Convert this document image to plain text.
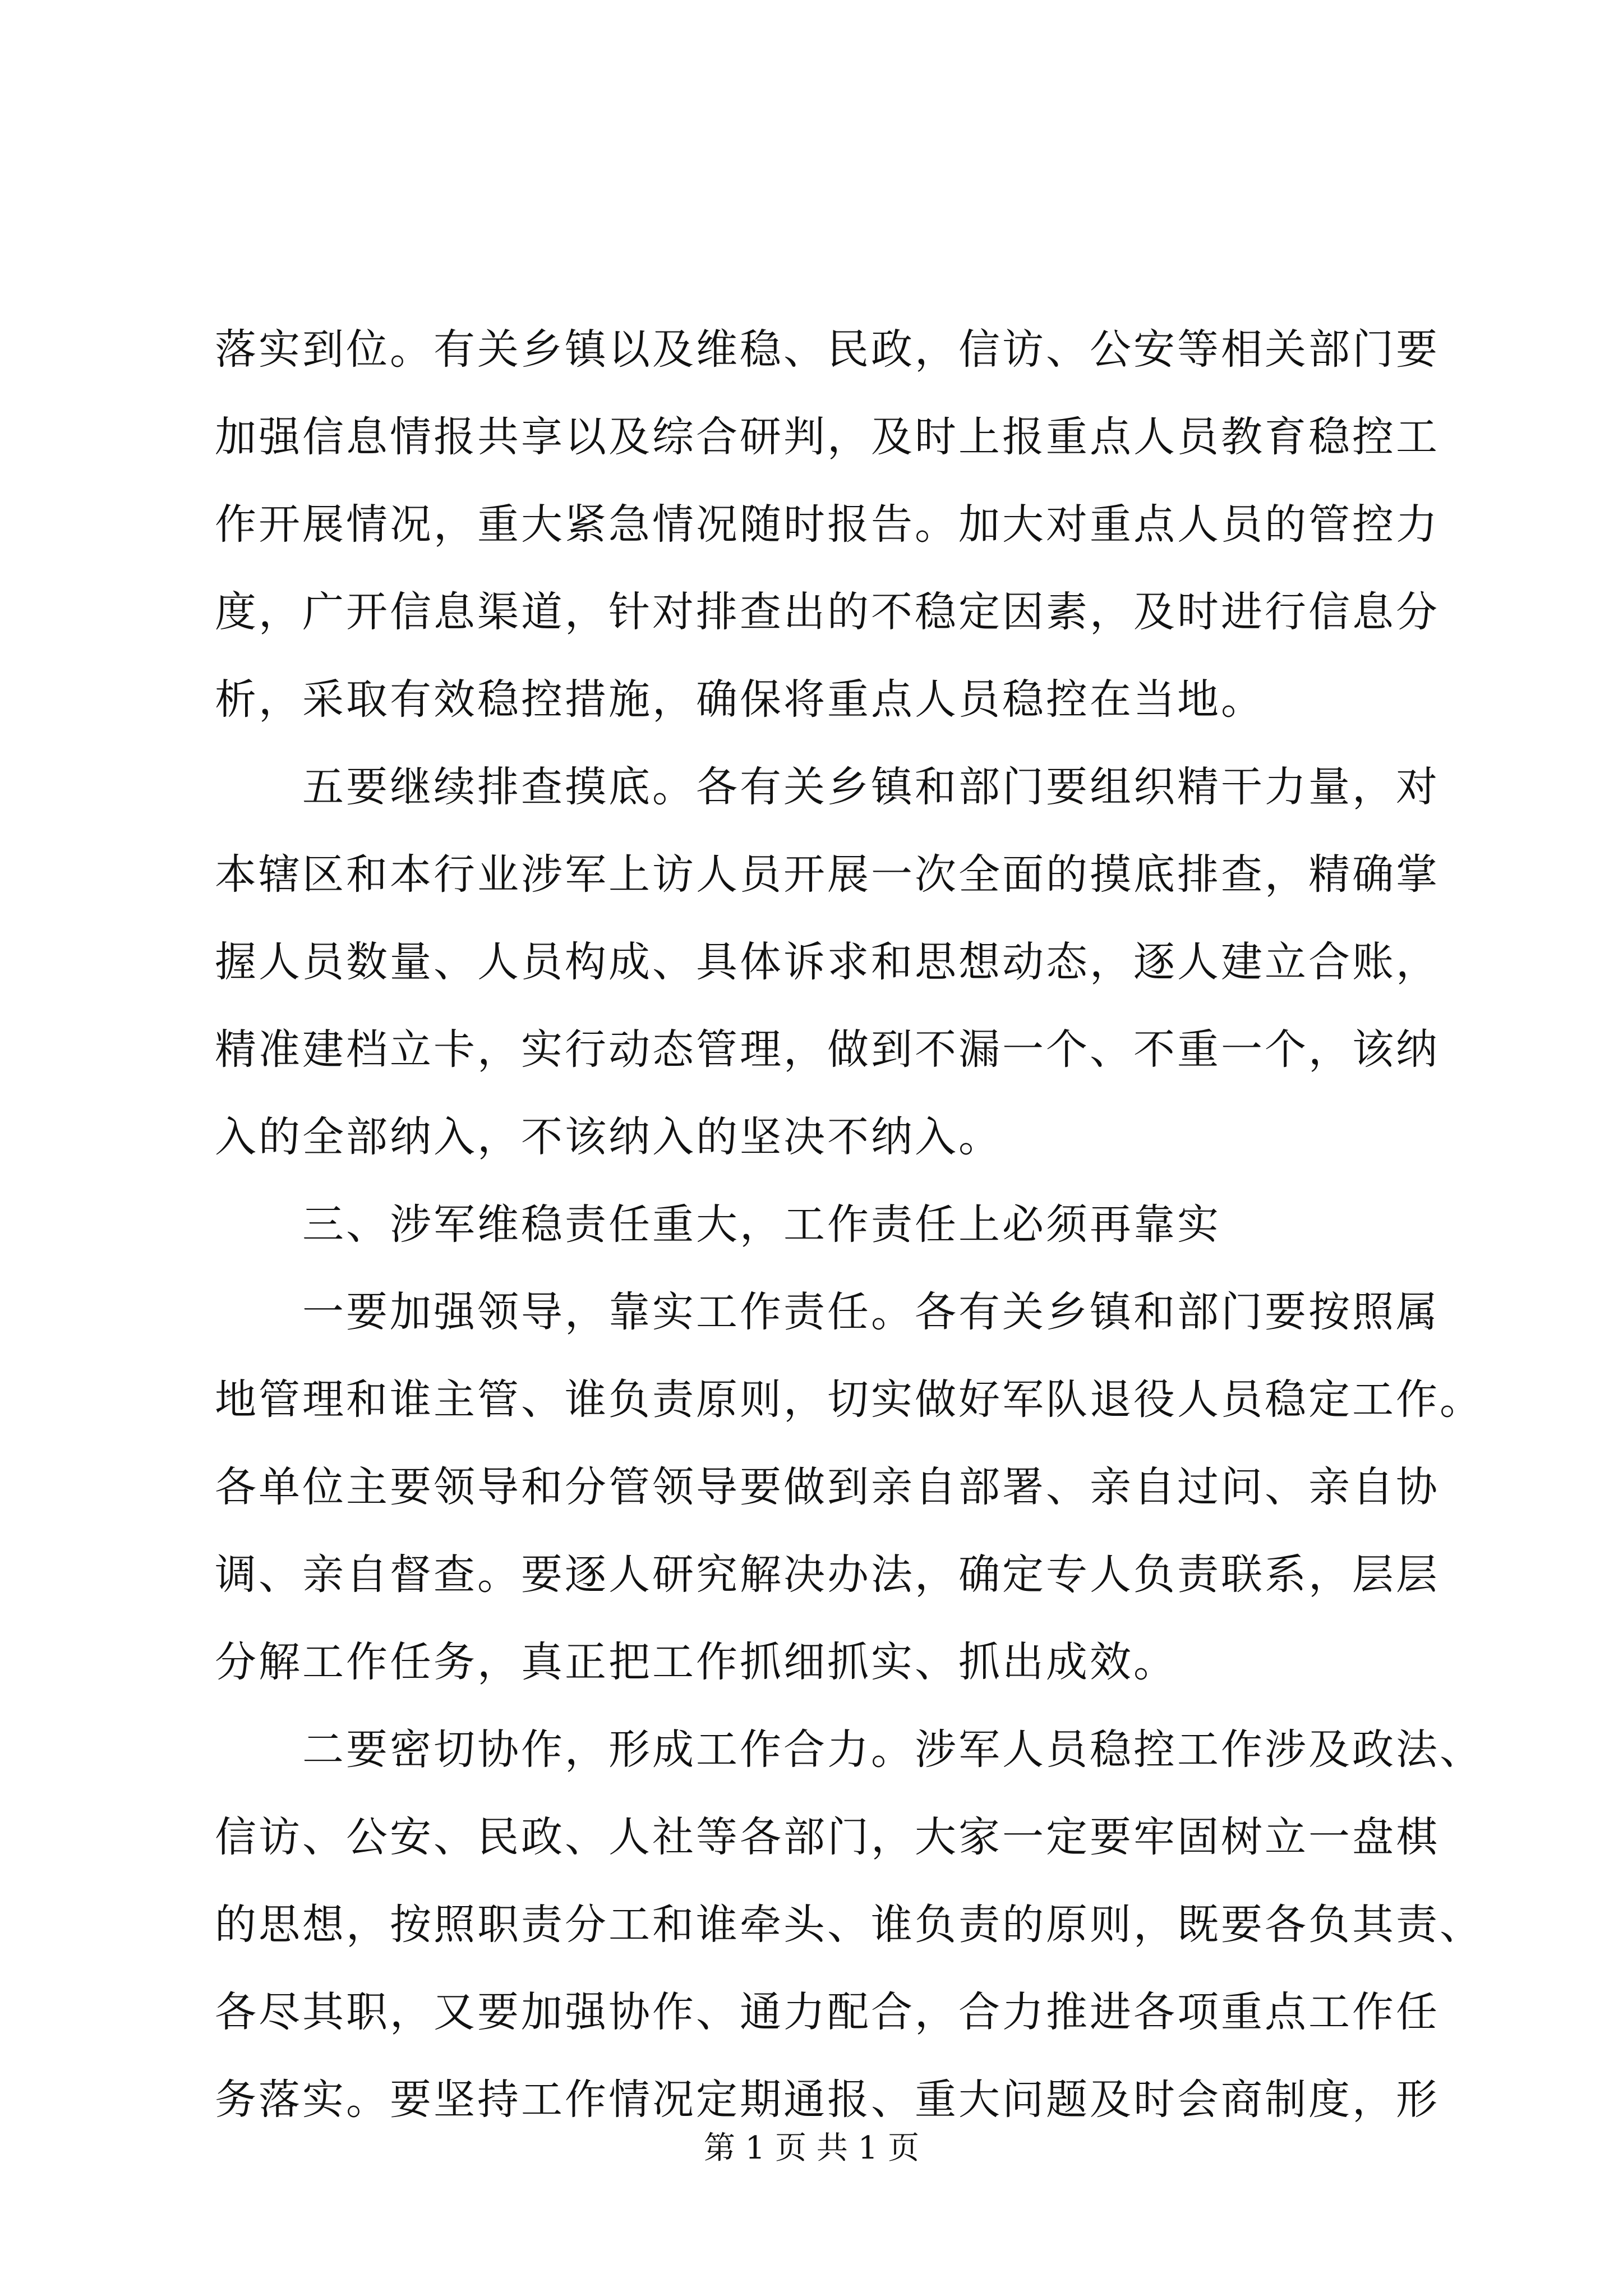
落实到位。有关乡镇以及维稳、民政，信访、公安等相关部门要
加强信息情报共享以及综合研判，及时上报重点人员教育稳控工
作开展情况，重大紧急情况随时报告。加大对重点人员的管控力
度，广开信息渠道，针对排查出的不稳定因素，及时进行信息分
析，采取有效稳控措施，确保将重点人员稳控在当地。
　　五要继续排查摸底。各有关乡镇和部门要组织精干力量，对
本辖区和本行业涉军上访人员开展一次全面的摸底排查，精确掌
握人员数量、人员构成、具体诉求和思想动态，逐人建立合账，
精准建档立卡，实行动态管理，做到不漏一个、不重一个，该纳
入的全部纳入，不该纳入的坚决不纳入。
　　三、涉军维稳责任重大，工作责任上必须再靠实
　　一要加强领导，靠实工作责任。各有关乡镇和部门要按照属
地管理和谁主管、谁负责原则，切实做好军队退役人员稳定工作。
各单位主要领导和分管领导要做到亲自部署、亲自过问、亲自协
调、亲自督查。要逐人研究解决办法，确定专人负责联系，层层
分解工作任务，真正把工作抓细抓实、抓出成效。
　　二要密切协作，形成工作合力。涉军人员稳控工作涉及政法、
信访、公安、民政、人社等各部门，大家一定要牢固树立一盘棋
的思想，按照职责分工和谁牵头、谁负责的原则，既要各负其责、
各尽其职，又要加强协作、通力配合，合力推进各项重点工作任
务落实。要坚持工作情况定期通报、重大问题及时会商制度，形
第 1 页 共 1 页
